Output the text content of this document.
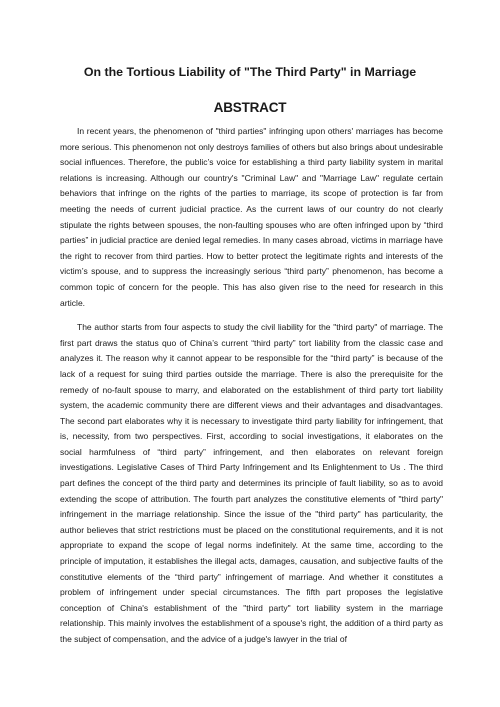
On the Tortious Liability of "The Third Party" in Marriage
ABSTRACT

In recent years, the phenomenon of "third parties" infringing upon others' marriages has become more serious. This phenomenon not only destroys families of others but also brings about undesirable social influences. Therefore, the public’s voice for establishing a third party liability system in marital relations is increasing. Although our country's "Criminal Law" and "Marriage Law" regulate certain behaviors that infringe on the rights of the parties to marriage, its scope of protection is far from meeting the needs of current judicial practice. As the current laws of our country do not clearly stipulate the rights between spouses, the non-faulting spouses who are often infringed upon by “third parties” in judicial practice are denied legal remedies. In many cases abroad, victims in marriage have the right to recover from third parties. How to better protect the legitimate rights and interests of the victim’s spouse, and to suppress the increasingly serious “third party” phenomenon, has become a common topic of concern for the people. This has also given rise to the need for research in this article.

The author starts from four aspects to study the civil liability for the "third party" of marriage. The first part draws the status quo of China’s current “third party” tort liability from the classic case and analyzes it. The reason why it cannot appear to be responsible for the “third party” is because of the lack of a request for suing third parties outside the marriage. There is also the prerequisite for the remedy of no-fault spouse to marry, and elaborated on the establishment of third party tort liability system, the academic community there are different views and their advantages and disadvantages. The second part elaborates why it is necessary to investigate third party liability for infringement, that is, necessity, from two perspectives. First, according to social investigations, it elaborates on the social harmfulness of “third party” infringement, and then elaborates on relevant foreign investigations. Legislative Cases of Third Party Infringement and Its Enlightenment to Us . The third part defines the concept of the third party and determines its principle of fault liability, so as to avoid extending the scope of attribution. The fourth part analyzes the constitutive elements of "third party" infringement in the marriage relationship. Since the issue of the "third party" has particularity, the author believes that strict restrictions must be placed on the constitutional requirements, and it is not appropriate to expand the scope of legal norms indefinitely. At the same time, according to the principle of imputation, it establishes the illegal acts, damages, causation, and subjective faults of the constitutive elements of the “third party” infringement of marriage. And whether it constitutes a problem of infringement under special circumstances. The fifth part proposes the legislative conception of China's establishment of the "third party" tort liability system in the marriage relationship. This mainly involves the establishment of a spouse's right, the addition of a third party as the subject of compensation, and the advice of a judge's lawyer in the trial of
